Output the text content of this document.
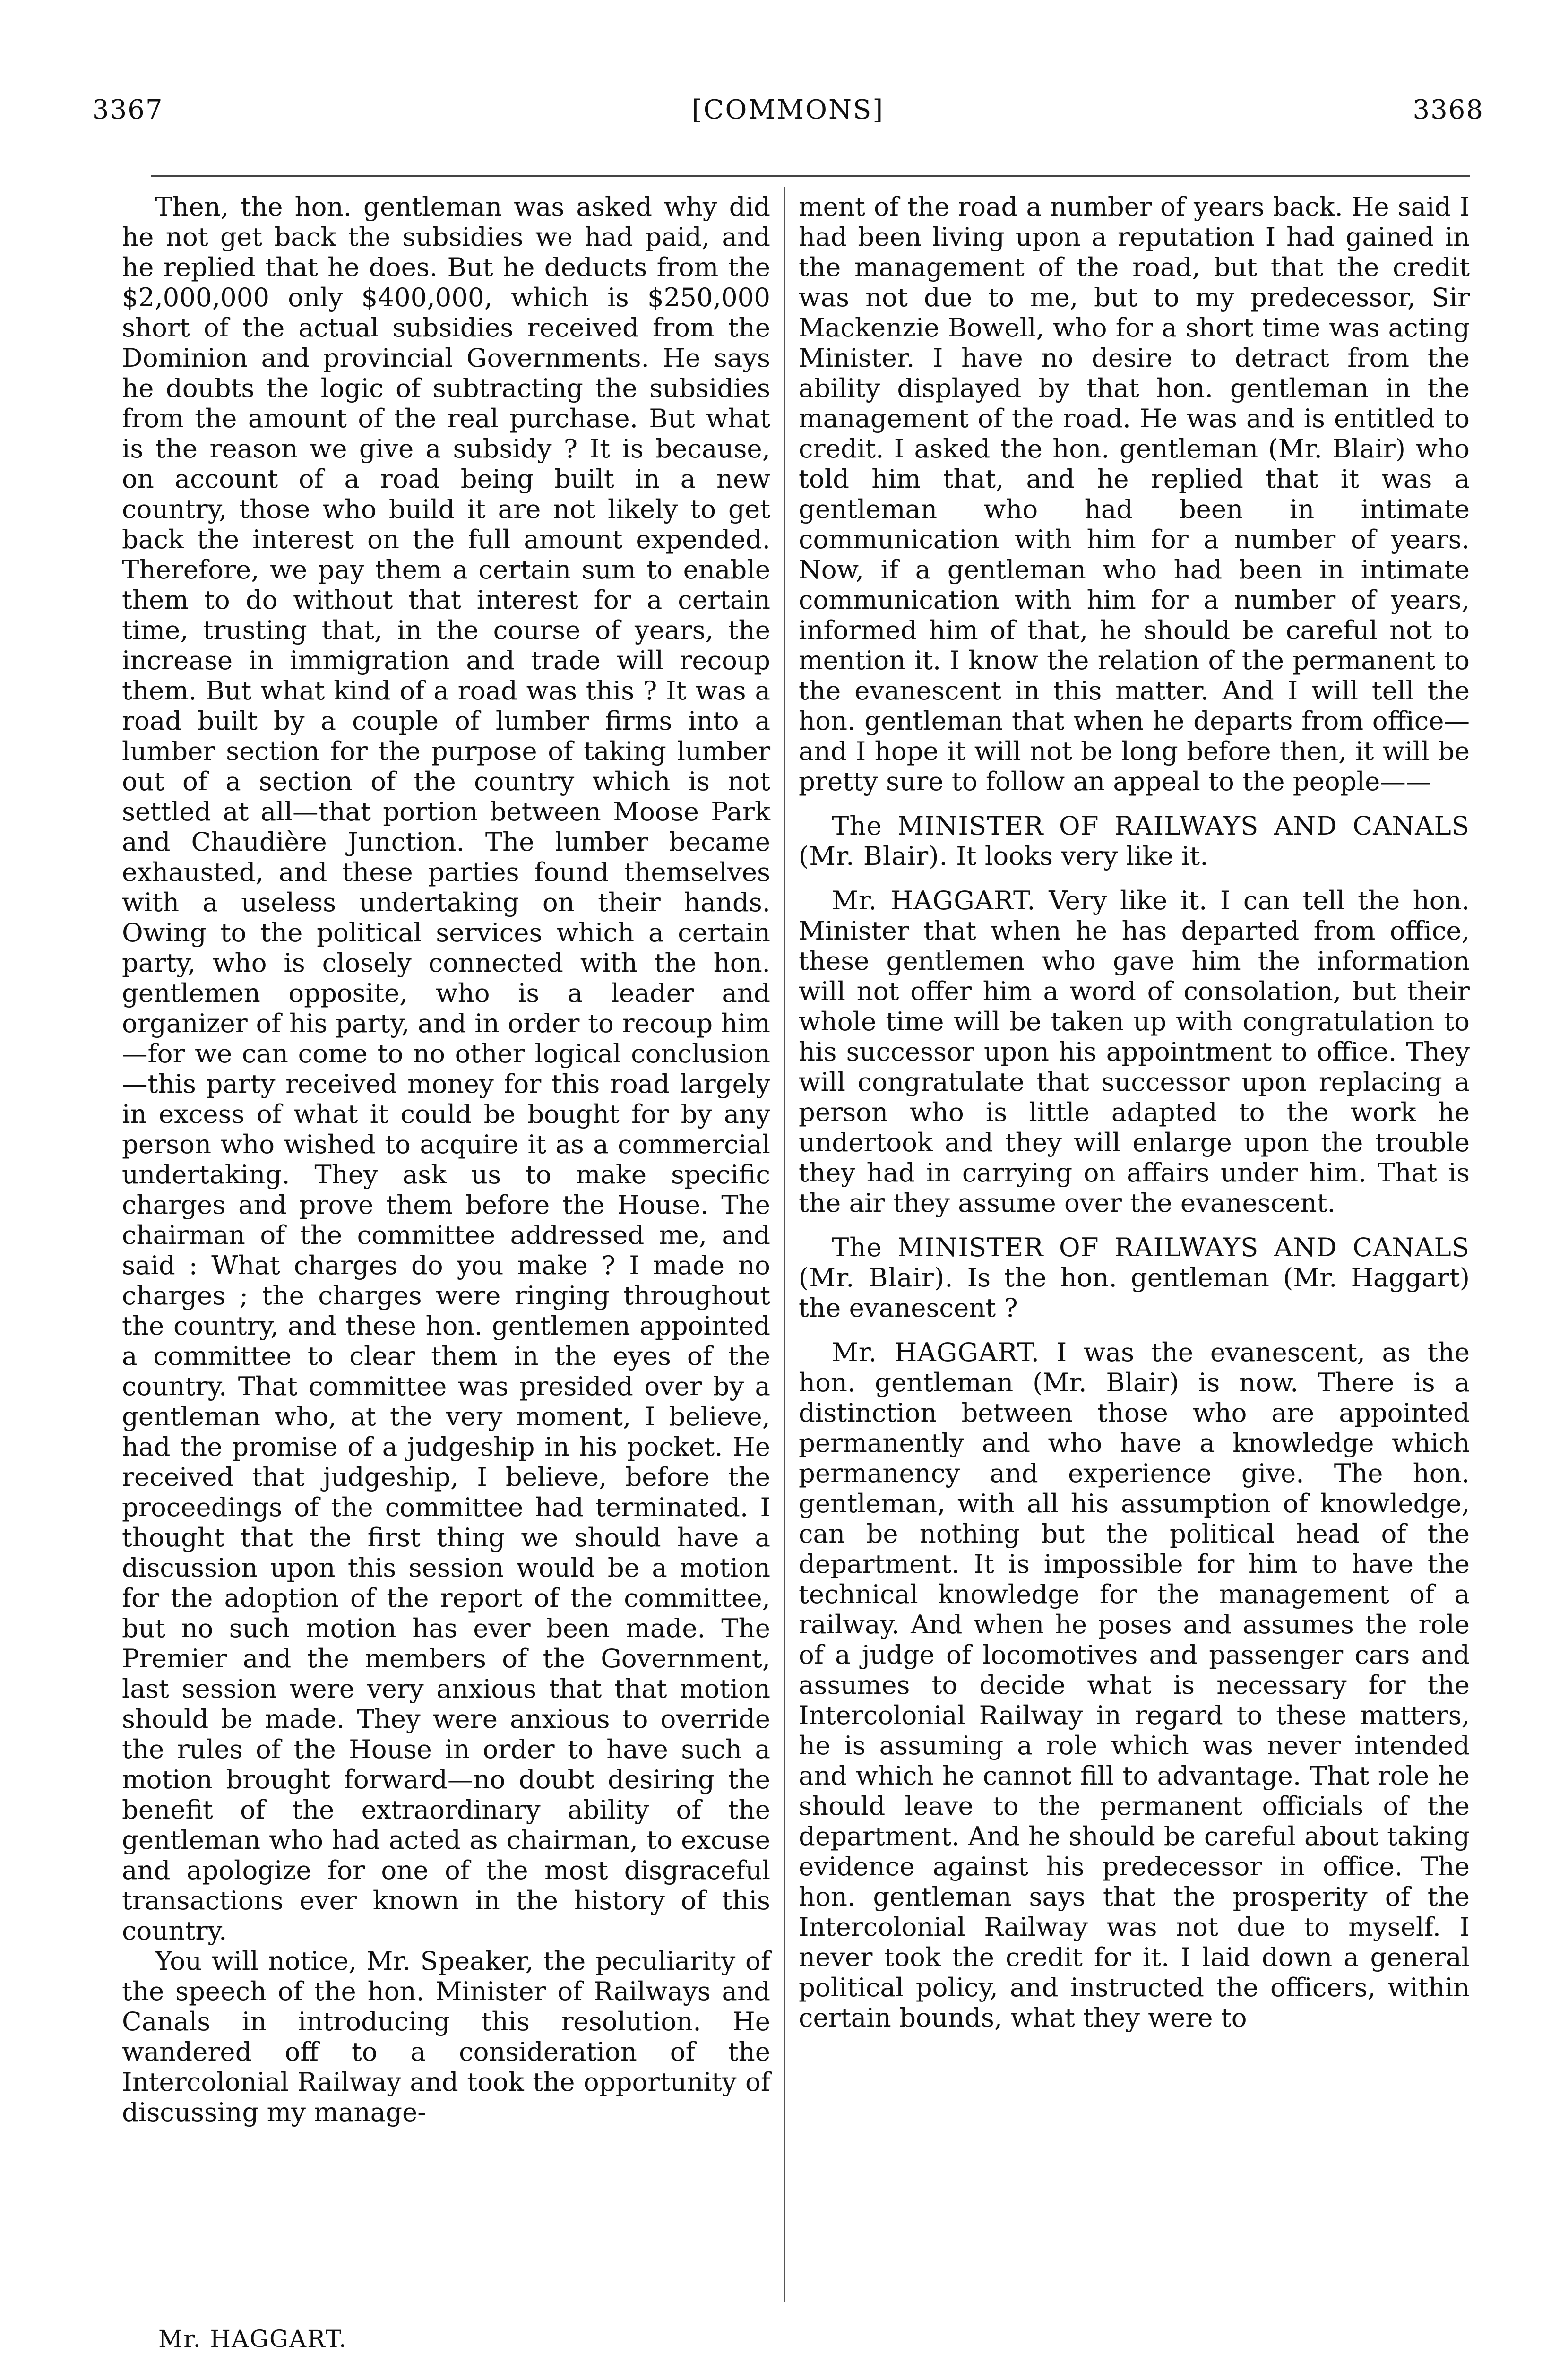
3367	[COMMONS]	3368

Then, the hon. gentleman was asked why did he not get back the subsidies we had paid, and he replied that he does. But he deducts from the $2,000,000 only $400,000, which is $250,000 short of the actual subsidies received from the Dominion and provincial Governments. He says he doubts the logic of subtracting the subsidies from the amount of the real purchase. But what is the reason we give a subsidy ? It is because, on account of a road being built in a new country, those who build it are not likely to get back the interest on the full amount expended. Therefore, we pay them a certain sum to enable them to do without that interest for a certain time, trusting that, in the course of years, the increase in immigration and trade will recoup them. But what kind of a road was this ? It was a road built by a couple of lumber firms into a lumber section for the purpose of taking lumber out of a section of the country which is not settled at all—that portion between Moose Park and Chaudière Junction. The lumber became exhausted, and these parties found themselves with a useless undertaking on their hands. Owing to the political services which a certain party, who is closely connected with the hon. gentlemen opposite, who is a leader and organizer of his party, and in order to recoup him—for we can come to no other logical conclusion—this party received money for this road largely in excess of what it could be bought for by any person who wished to acquire it as a commercial undertaking. They ask us to make specific charges and prove them before the House. The chairman of the committee addressed me, and said : What charges do you make ? I made no charges ; the charges were ringing throughout the country, and these hon. gentlemen appointed a committee to clear them in the eyes of the country. That committee was presided over by a gentleman who, at the very moment, I believe, had the promise of a judgeship in his pocket. He received that judgeship, I believe, before the proceedings of the committee had terminated. I thought that the first thing we should have a discussion upon this session would be a motion for the adoption of the report of the committee, but no such motion has ever been made. The Premier and the members of the Government, last session were very anxious that that motion should be made. They were anxious to override the rules of the House in order to have such a motion brought forward—no doubt desiring the benefit of the extraordinary ability of the gentleman who had acted as chairman, to excuse and apologize for one of the most disgraceful transactions ever known in the history of this country.

You will notice, Mr. Speaker, the peculiarity of the speech of the hon. Minister of Railways and Canals in introducing this resolution. He wandered off to a consideration of the Intercolonial Railway and took the opportunity of discussing my manage-

ment of the road a number of years back. He said I had been living upon a reputation I had gained in the management of the road, but that the credit was not due to me, but to my predecessor, Sir Mackenzie Bowell, who for a short time was acting Minister. I have no desire to detract from the ability displayed by that hon. gentleman in the management of the road. He was and is entitled to credit. I asked the hon. gentleman (Mr. Blair) who told him that, and he replied that it was a gentleman who had been in intimate communication with him for a number of years. Now, if a gentleman who had been in intimate communication with him for a number of years, informed him of that, he should be careful not to mention it. I know the relation of the permanent to the evanescent in this matter. And I will tell the hon. gentleman that when he departs from office—and I hope it will not be long before then, it will be pretty sure to follow an appeal to the people——

The MINISTER OF RAILWAYS AND CANALS (Mr. Blair). It looks very like it.

Mr. HAGGART. Very like it. I can tell the hon. Minister that when he has departed from office, these gentlemen who gave him the information will not offer him a word of consolation, but their whole time will be taken up with congratulation to his successor upon his appointment to office. They will congratulate that successor upon replacing a person who is little adapted to the work he undertook and they will enlarge upon the trouble they had in carrying on affairs under him. That is the air they assume over the evanescent.

The MINISTER OF RAILWAYS AND CANALS (Mr. Blair). Is the hon. gentleman (Mr. Haggart) the evanescent ?

Mr. HAGGART. I was the evanescent, as the hon. gentleman (Mr. Blair) is now. There is a distinction between those who are appointed permanently and who have a knowledge which permanency and experience give. The hon. gentleman, with all his assumption of knowledge, can be nothing but the political head of the department. It is impossible for him to have the technical knowledge for the management of a railway. And when he poses and assumes the role of a judge of locomotives and passenger cars and assumes to decide what is necessary for the Intercolonial Railway in regard to these matters, he is assuming a role which was never intended and which he cannot fill to advantage. That role he should leave to the permanent officials of the department. And he should be careful about taking evidence against his predecessor in office. The hon. gentleman says that the prosperity of the Intercolonial Railway was not due to myself. I never took the credit for it. I laid down a general political policy, and instructed the officers, within certain bounds, what they were to

Mr. HAGGART.
